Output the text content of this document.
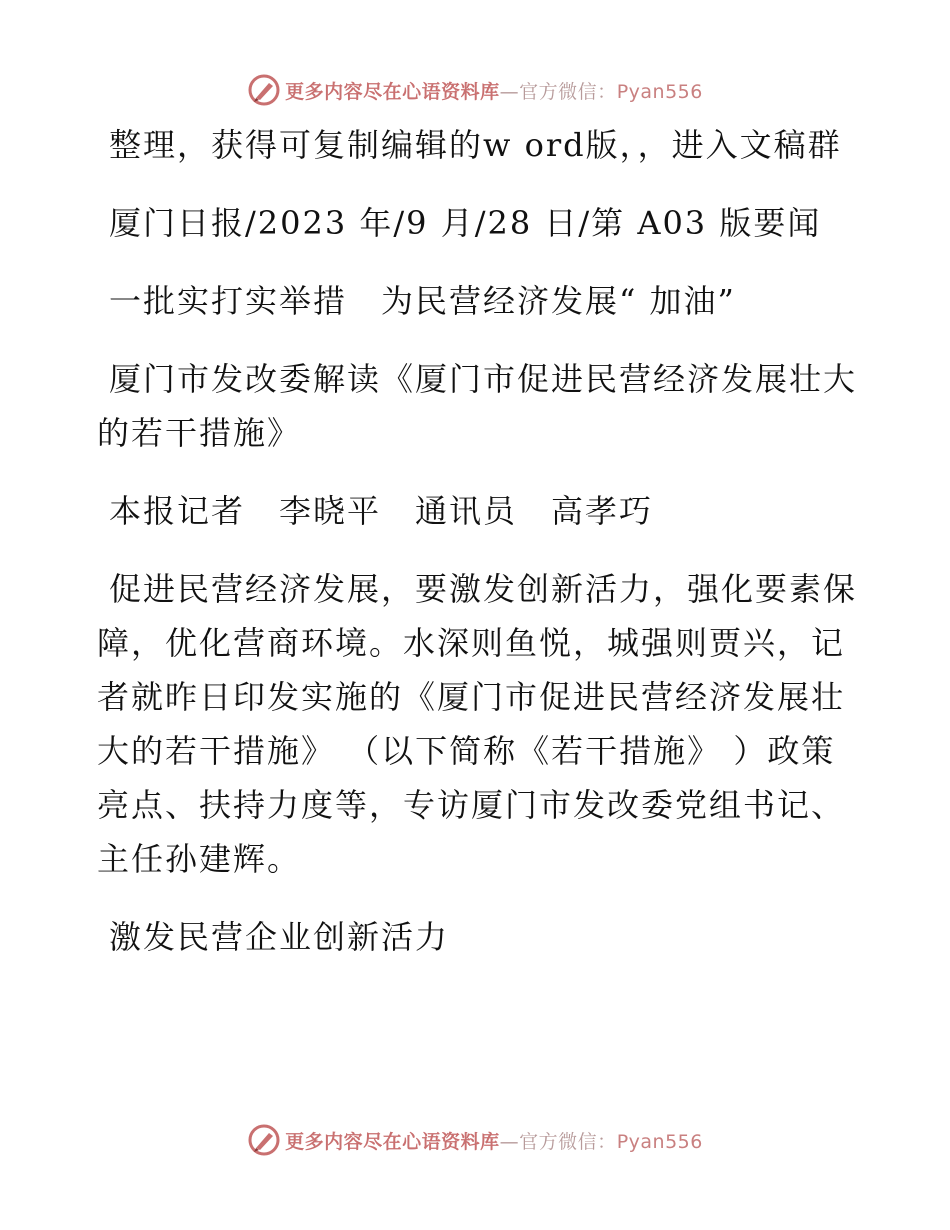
更多内容尽在心语资料库—官方微信：Pyan556

整理，获得可复制编辑的w ord版，，进入文稿群

厦门日报/2023 年/9 月/28 日/第 A03 版要闻

一批实打实举措　为民营经济发展“ 加油”

厦门市发改委解读《厦门市促进民营经济发展壮大的若干措施》

本报记者　李晓平　通讯员　高孝巧

促进民营经济发展，要激发创新活力，强化要素保障，优化营商环境。水深则鱼悦，城强则贾兴，记者就昨日印发实施的《厦门市促进民营经济发展壮大的若干措施》 （以下简称《若干措施》 ）政策亮点、扶持力度等，专访厦门市发改委党组书记、主任孙建辉。

激发民营企业创新活力

更多内容尽在心语资料库—官方微信：Pyan556
